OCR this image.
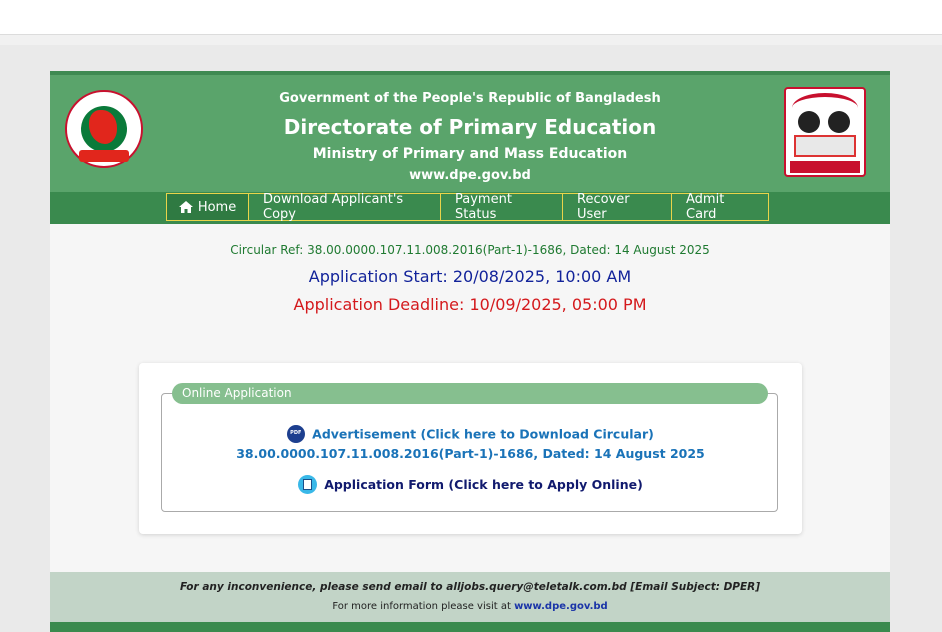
Government of the People's Republic of Bangladesh
Directorate of Primary Education
Ministry of Primary and Mass Education
www.dpe.gov.bd
Home	Download Applicant's Copy
Payment Status
Recover User
Admit Card
Circular Ref: 38.00.0000.107.11.008.2016(Part-1)-1686, Dated: 14 August 2025
Application Start: 20/08/2025, 10:00 AM
Application Deadline: 10/09/2025, 05:00 PM
Online Application
PDF Advertisement (Click here to Download Circular)
38.00.0000.107.11.008.2016(Part-1)-1686, Dated: 14 August 2025
Application Form (Click here to Apply Online)
For any inconvenience, please send email to alljobs.query@teletalk.com.bd [Email Subject: DPER]
For more information please visit at www.dpe.gov.bd
